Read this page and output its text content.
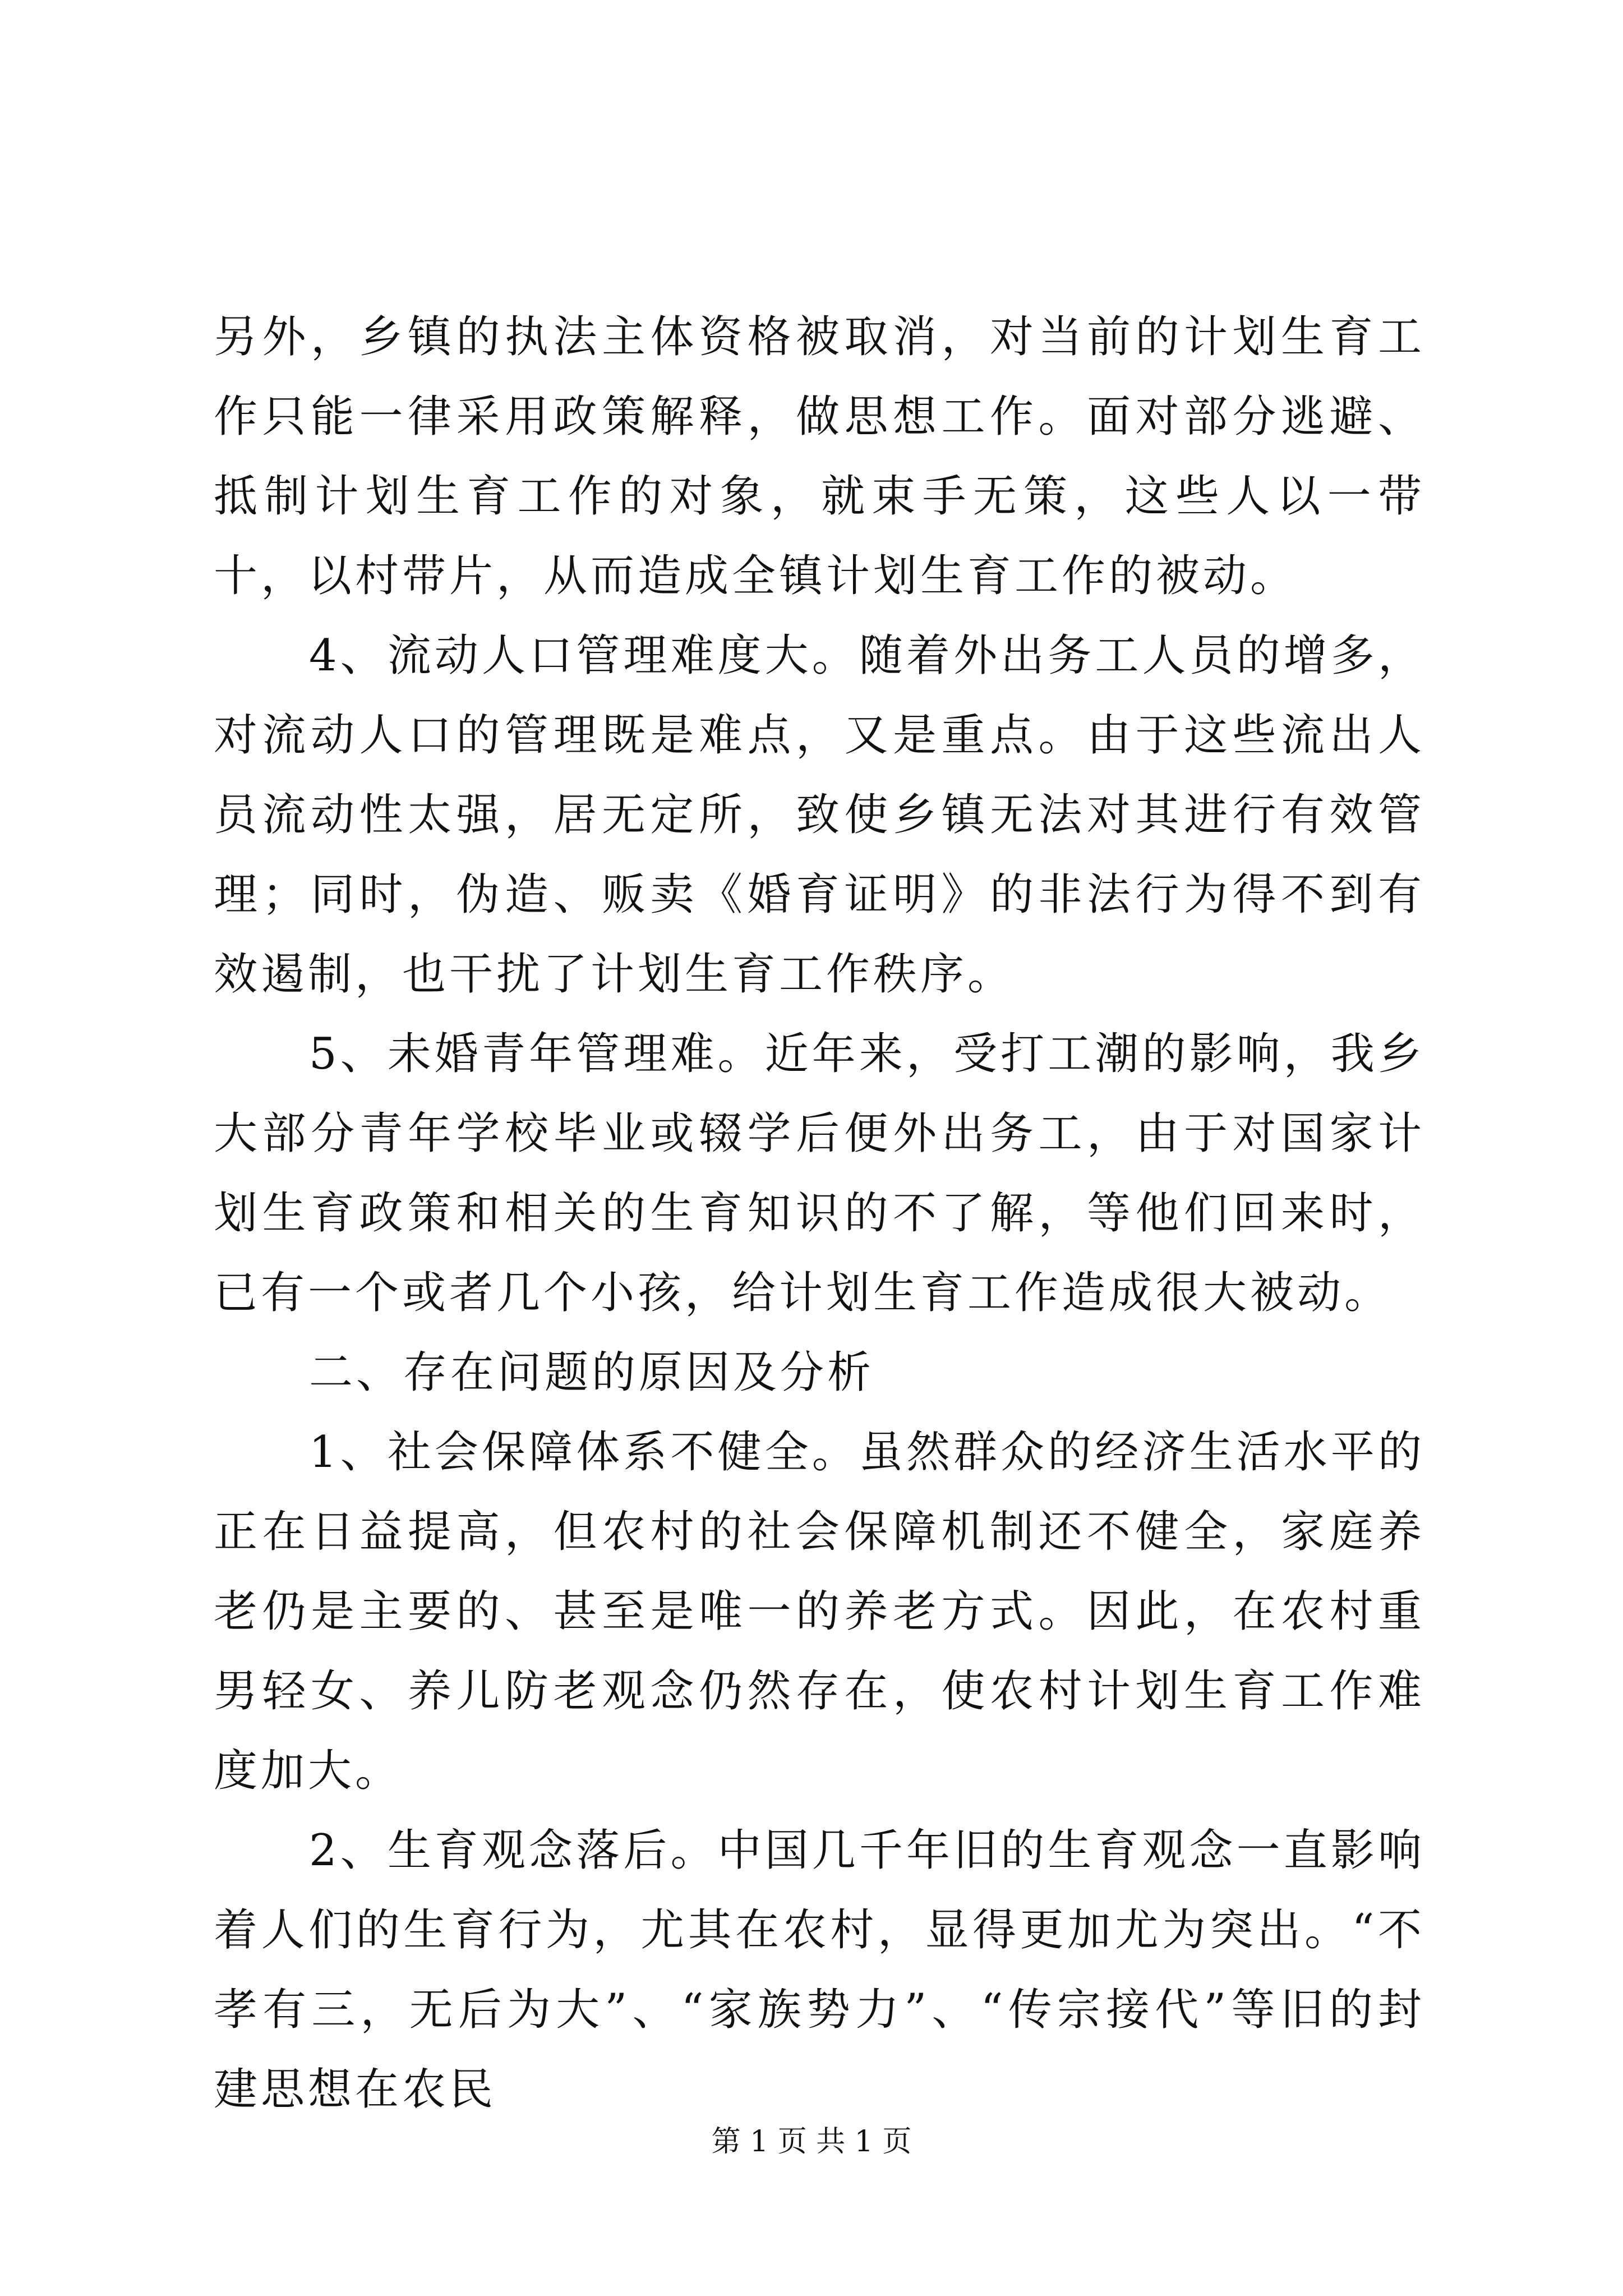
另外，乡镇的执法主体资格被取消，对当前的计划生育工作只能一律采用政策解释，做思想工作。面对部分逃避、抵制计划生育工作的对象，就束手无策，这些人以一带十，以村带片，从而造成全镇计划生育工作的被动。

4、流动人口管理难度大。随着外出务工人员的增多，对流动人口的管理既是难点，又是重点。由于这些流出人员流动性太强，居无定所，致使乡镇无法对其进行有效管理；同时，伪造、贩卖《婚育证明》的非法行为得不到有效遏制，也干扰了计划生育工作秩序。

5、未婚青年管理难。近年来，受打工潮的影响，我乡大部分青年学校毕业或辍学后便外出务工，由于对国家计划生育政策和相关的生育知识的不了解，等他们回来时，已有一个或者几个小孩，给计划生育工作造成很大被动。

二、存在问题的原因及分析

1、社会保障体系不健全。虽然群众的经济生活水平的正在日益提高，但农村的社会保障机制还不健全，家庭养老仍是主要的、甚至是唯一的养老方式。因此，在农村重男轻女、养儿防老观念仍然存在，使农村计划生育工作难度加大。

2、生育观念落后。中国几千年旧的生育观念一直影响着人们的生育行为，尤其在农村，显得更加尤为突出。“不孝有三，无后为大”、“家族势力”、“传宗接代”等旧的封建思想在农民

第 1 页 共 1 页
